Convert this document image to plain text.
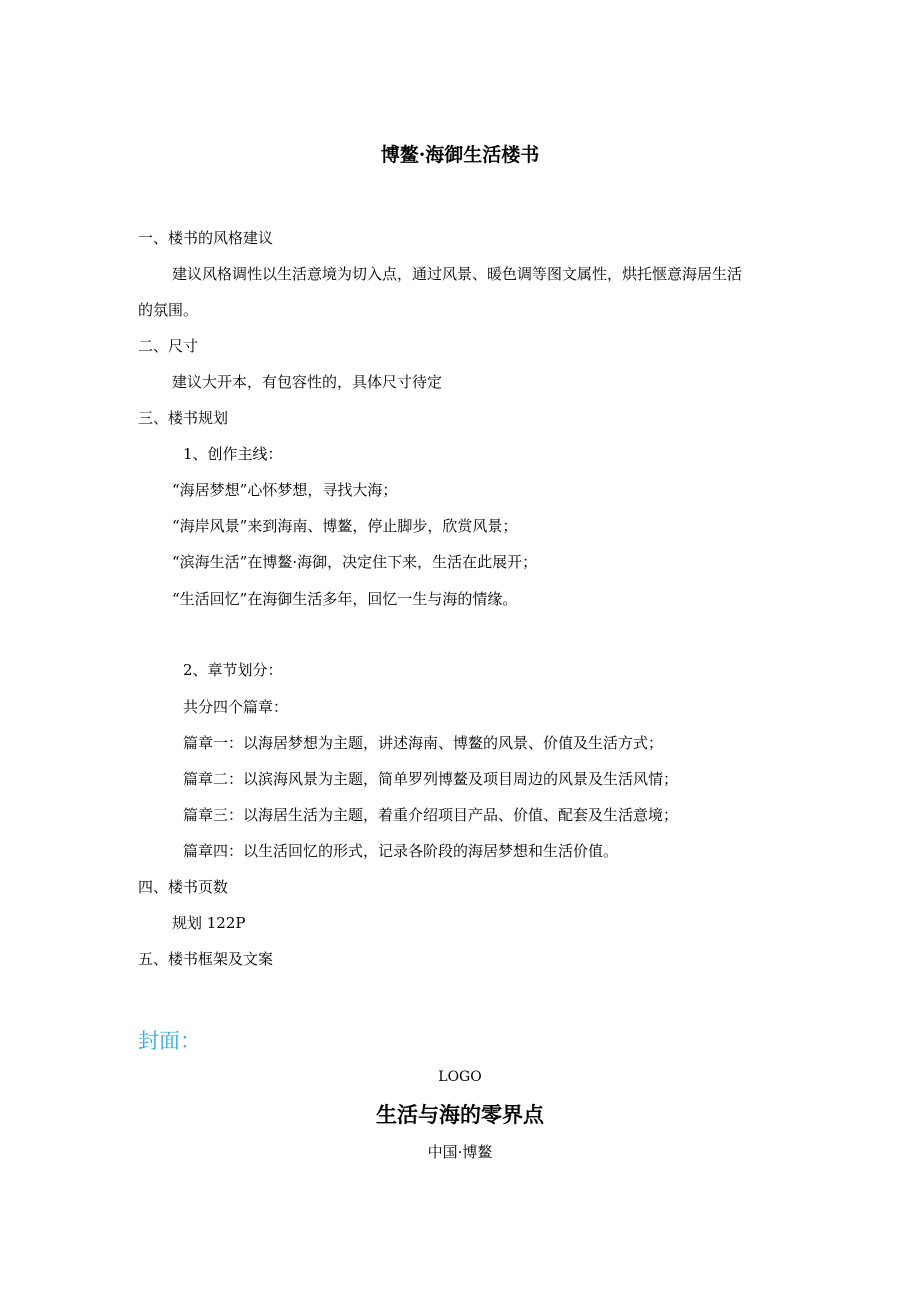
博鳌·海御生活楼书
一、楼书的风格建议
建议风格调性以生活意境为切入点，通过风景、暖色调等图文属性，烘托惬意海居生活
的氛围。
二、尺寸
建议大开本，有包容性的，具体尺寸待定
三、楼书规划
1、创作主线：
“海居梦想”心怀梦想，寻找大海；
“海岸风景”来到海南、博鳌，停止脚步，欣赏风景；
“滨海生活”在博鳌·海御，决定住下来，生活在此展开；
“生活回忆”在海御生活多年，回忆一生与海的情缘。
2、章节划分：
共分四个篇章：
篇章一：以海居梦想为主题，讲述海南、博鳌的风景、价值及生活方式；
篇章二：以滨海风景为主题，简单罗列博鳌及项目周边的风景及生活风情；
篇章三：以海居生活为主题，着重介绍项目产品、价值、配套及生活意境；
篇章四：以生活回忆的形式，记录各阶段的海居梦想和生活价值。
四、楼书页数
规划 122P
五、楼书框架及文案
封面：
LOGO
生活与海的零界点
中国·博鳌
